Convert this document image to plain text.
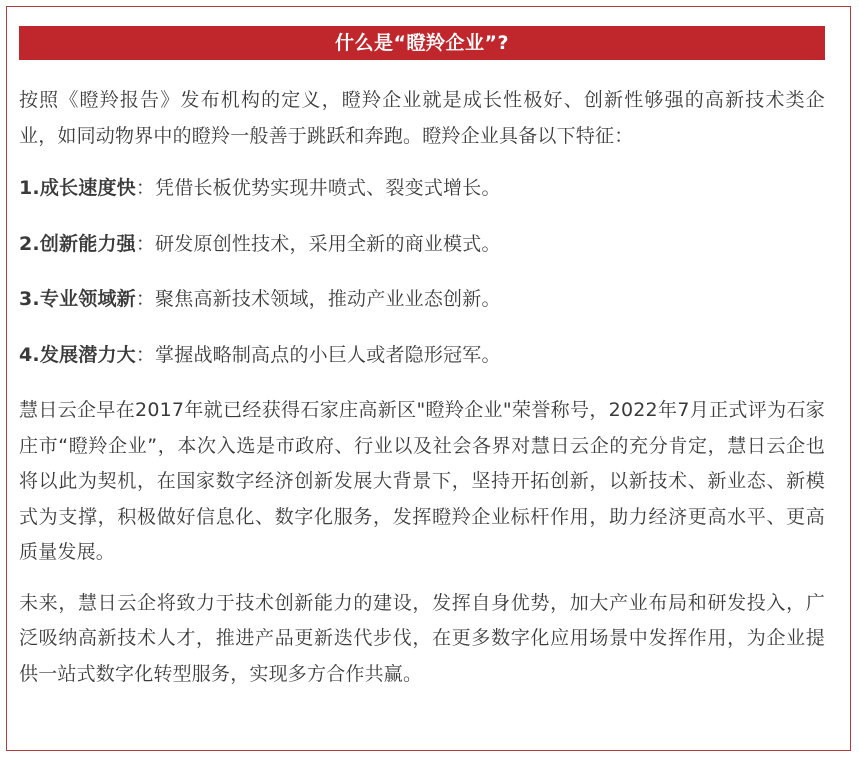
什么是“瞪羚企业”?

按照《瞪羚报告》发布机构的定义，瞪羚企业就是成长性极好、创新性够强的高新技术类企业，如同动物界中的瞪羚一般善于跳跃和奔跑。瞪羚企业具备以下特征：

1.成长速度快：凭借长板优势实现井喷式、裂变式增长。
2.创新能力强：研发原创性技术，采用全新的商业模式。
3.专业领域新：聚焦高新技术领域，推动产业业态创新。
4.发展潜力大：掌握战略制高点的小巨人或者隐形冠军。

慧日云企早在2017年就已经获得石家庄高新区"瞪羚企业"荣誉称号，2022年7月正式评为石家庄市“瞪羚企业”，本次入选是市政府、行业以及社会各界对慧日云企的充分肯定，慧日云企也将以此为契机，在国家数字经济创新发展大背景下，坚持开拓创新，以新技术、新业态、新模式为支撑，积极做好信息化、数字化服务，发挥瞪羚企业标杆作用，助力经济更高水平、更高质量发展。

未来，慧日云企将致力于技术创新能力的建设，发挥自身优势，加大产业布局和研发投入，广泛吸纳高新技术人才，推进产品更新迭代步伐，在更多数字化应用场景中发挥作用，为企业提供一站式数字化转型服务，实现多方合作共赢。
